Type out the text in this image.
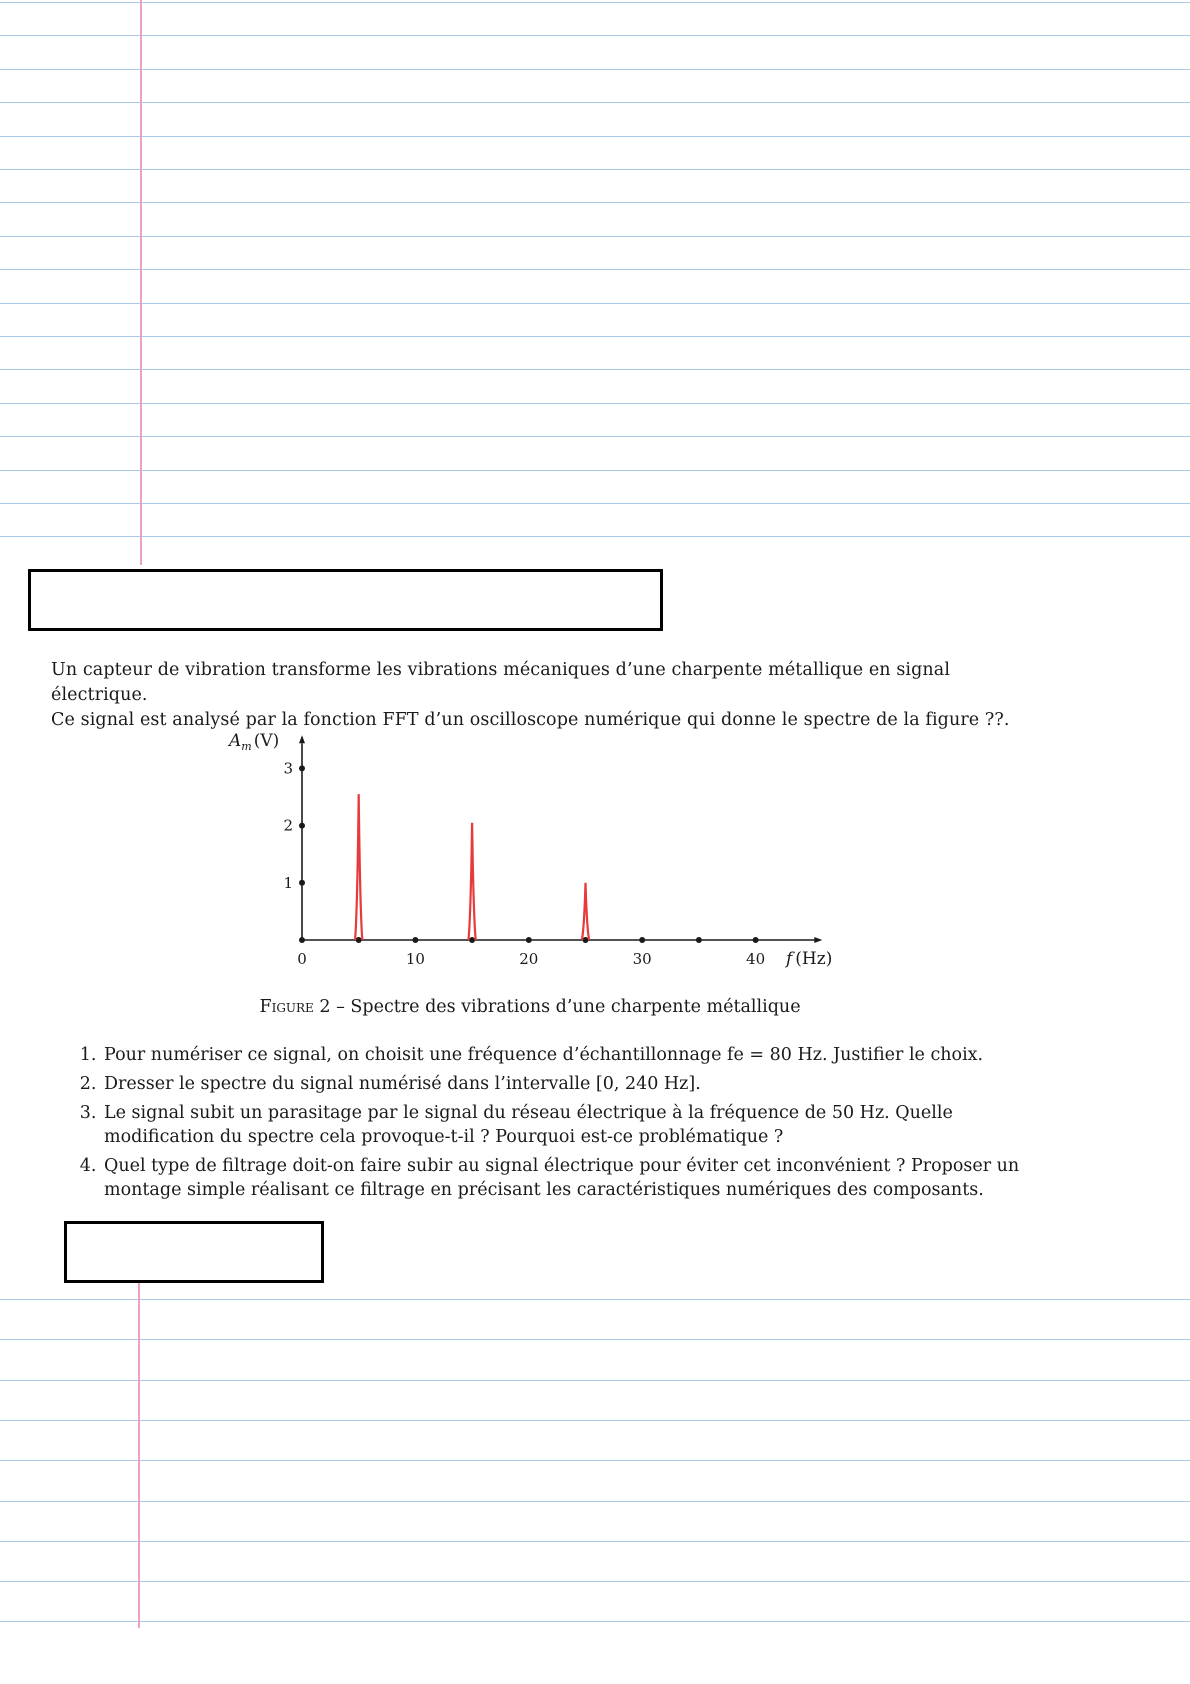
Un capteur de vibration transforme les vibrations mécaniques d’une charpente métallique en signal électrique.

Ce signal est analysé par la fonction FFT d’un oscilloscope numérique qui donne le spectre de la figure ??.

0	10	20	30	40
1
2
3
$A_m$ (V)
f (Hz)
Figure 2 – Spectre des vibrations d’une charpente métallique
1. Pour numériser ce signal, on choisit une fréquence d’échantillonnage fe = 80 Hz. Justifier le choix.
2. Dresser le spectre du signal numérisé dans l’intervalle [0, 240 Hz].
3. Le signal subit un parasitage par le signal du réseau électrique à la fréquence de 50 Hz. Quelle modification du spectre cela provoque-t-il ? Pourquoi est-ce problématique ?
4. Quel type de filtrage doit-on faire subir au signal électrique pour éviter cet inconvénient ? Proposer un montage simple réalisant ce filtrage en précisant les caractéristiques numériques des composants.
